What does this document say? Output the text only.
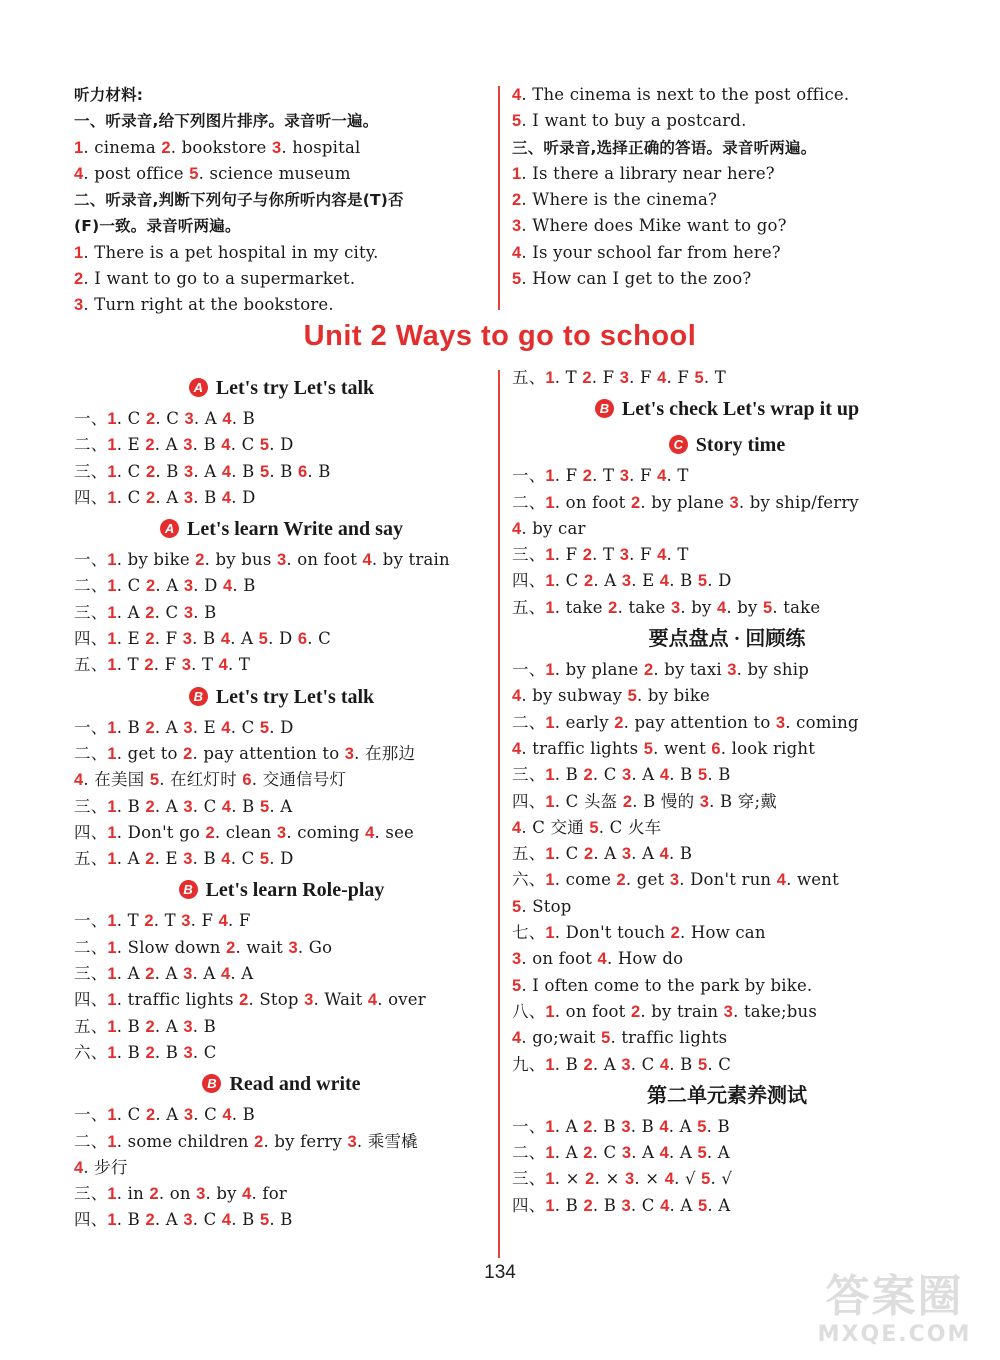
听力材料:
一、听录音,给下列图片排序。录音听一遍。
1. cinema 2. bookstore 3. hospital
4. post office 5. science museum
二、听录音,判断下列句子与你所听内容是(T)否
(F)一致。录音听两遍。
1. There is a pet hospital in my city.
2. I want to go to a supermarket.
3. Turn right at the bookstore.
4. The cinema is next to the post office.
5. I want to buy a postcard.
三、听录音,选择正确的答语。录音听两遍。
1. Is there a library near here?
2. Where is the cinema?
3. Where does Mike want to go?
4. Is your school far from here?
5. How can I get to the zoo?
Unit 2 Ways to go to school
A Let's try Let's talk
一、1. C 2. C 3. A 4. B
二、1. E 2. A 3. B 4. C 5. D
三、1. C 2. B 3. A 4. B 5. B 6. B
四、1. C 2. A 3. B 4. D
A Let's learn Write and say
一、1. by bike 2. by bus 3. on foot 4. by train
二、1. C 2. A 3. D 4. B
三、1. A 2. C 3. B
四、1. E 2. F 3. B 4. A 5. D 6. C
五、1. T 2. F 3. T 4. T
B Let's try Let's talk
一、1. B 2. A 3. E 4. C 5. D
二、1. get to 2. pay attention to 3. 在那边
4. 在美国 5. 在红灯时 6. 交通信号灯
三、1. B 2. A 3. C 4. B 5. A
四、1. Don't go 2. clean 3. coming 4. see
五、1. A 2. E 3. B 4. C 5. D
B Let's learn Role-play
一、1. T 2. T 3. F 4. F
二、1. Slow down 2. wait 3. Go
三、1. A 2. A 3. A 4. A
四、1. traffic lights 2. Stop 3. Wait 4. over
五、1. B 2. A 3. B
六、1. B 2. B 3. C
B Read and write
一、1. C 2. A 3. C 4. B
二、1. some children 2. by ferry 3. 乘雪橇
4. 步行
三、1. in 2. on 3. by 4. for
四、1. B 2. A 3. C 4. B 5. B
五、1. T 2. F 3. F 4. F 5. T
B Let's check Let's wrap it up
C Story time
一、1. F 2. T 3. F 4. T
二、1. on foot 2. by plane 3. by ship/ferry
4. by car
三、1. F 2. T 3. F 4. T
四、1. C 2. A 3. E 4. B 5. D
五、1. take 2. take 3. by 4. by 5. take
要点盘点 · 回顾练
一、1. by plane 2. by taxi 3. by ship
4. by subway 5. by bike
二、1. early 2. pay attention to 3. coming
4. traffic lights 5. went 6. look right
三、1. B 2. C 3. A 4. B 5. B
四、1. C 头盔 2. B 慢的 3. B 穿;戴
4. C 交通 5. C 火车
五、1. C 2. A 3. A 4. B
六、1. come 2. get 3. Don't run 4. went
5. Stop
七、1. Don't touch 2. How can
3. on foot 4. How do
5. I often come to the park by bike.
八、1. on foot 2. by train 3. take;bus
4. go;wait 5. traffic lights
九、1. B 2. A 3. C 4. B 5. C
第二单元素养测试
一、1. A 2. B 3. B 4. A 5. B
二、1. A 2. C 3. A 4. A 5. A
三、1. × 2. × 3. × 4. √ 5. √
四、1. B 2. B 3. C 4. A 5. A
134	答案圈
MXQE.COM
